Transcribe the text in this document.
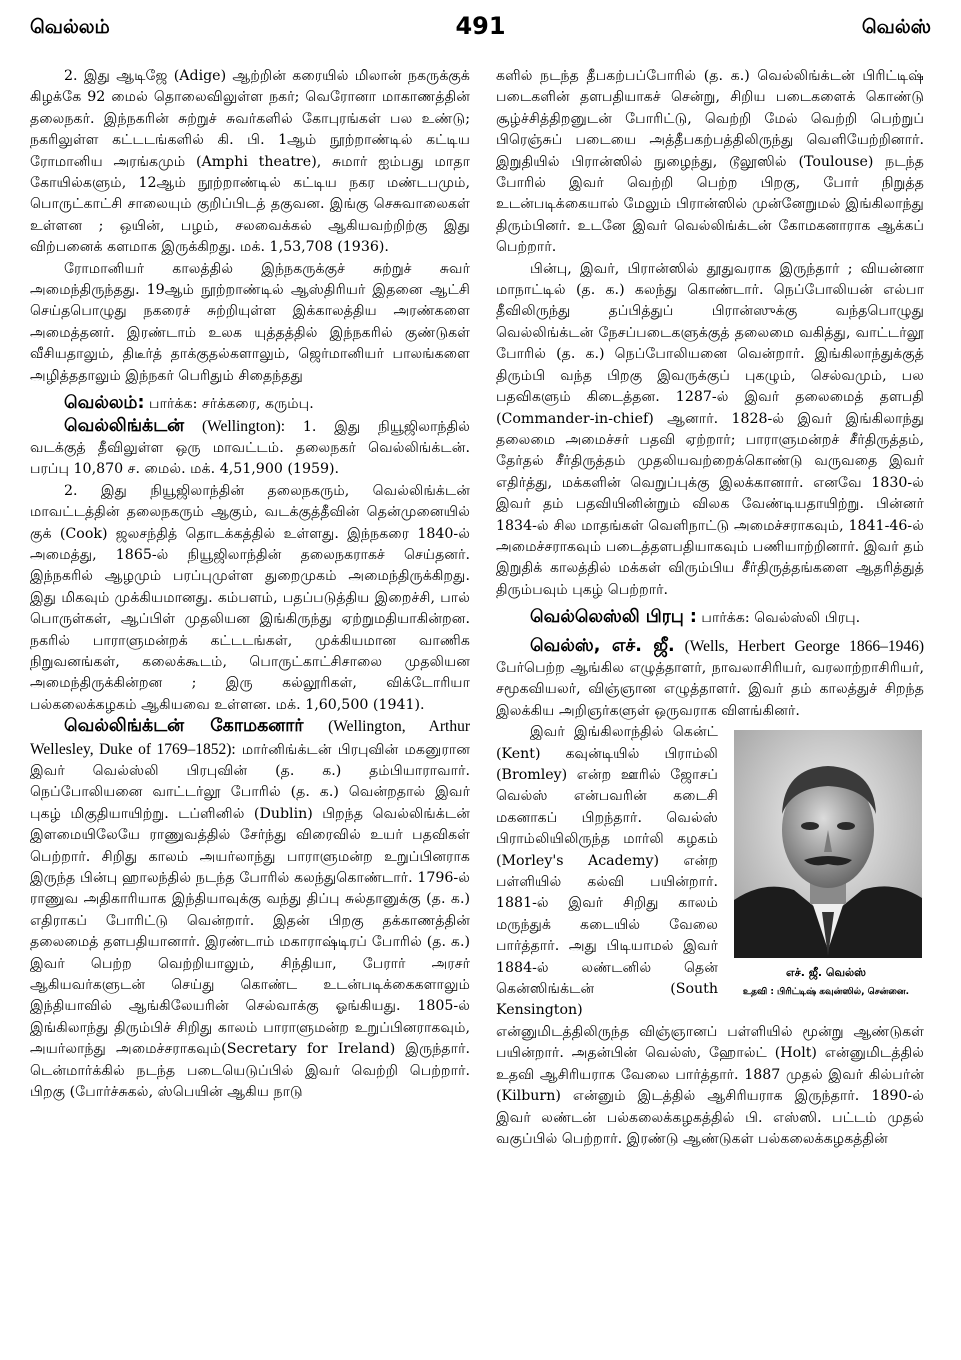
வெல்லம்	491	வெல்ஸ்

2. இது ஆடிஜே (Adige) ஆற்றின் கரையில் மிலான் நகருக்குக் கிழக்கே 92 மைல் தொலைவிலுள்ள நகர்; வெரோனா மாகாணத்தின் தலைநகர். இந்நகரின் சுற்றுச் சுவர்களில் கோபுரங்கள் பல உண்டு; நகரிலுள்ள கட்டடங்களில் கி. பி. 1ஆம் நூற்றாண்டில் கட்டிய ரோமானிய அரங்கமும் (Amphi theatre), சுமார் ஐம்பது மாதா கோயில்களும், 12ஆம் நூற்றாண்டில் கட்டிய நகர மண்டபமும், பொருட்காட்சி சாலையும் குறிப்பிடத் தகுவன. இங்கு செசுவாலைகள் உள்ளன ; ஒயின், பழம், சலவைக்கல் ஆகியவற்றிற்கு இது விற்பனைக் களமாக இருக்கிறது. மக். 1,53,708 (1936).

ரோமானியர் காலத்தில் இந்நகருக்குச் சுற்றுச் சுவர் அமைந்திருந்தது. 19ஆம் நூற்றாண்டில் ஆஸ்திரியர் இதனை ஆட்சி செய்தபொழுது நகரைச் சுற்றியுள்ள இக்காலத்திய அரண்களை அமைத்தனர். இரண்டாம் உலக யுத்தத்தில் இந்நகரில் குண்டுகள் வீசியதாலும், திடீர்த் தாக்குதல்களாலும், ஜெர்மானியர் பாலங்களை அழித்ததாலும் இந்நகர் பெரிதும் சிதைந்தது

வெல்லம்: பார்க்க: சர்க்கரை, கரும்பு.

வெல்லிங்க்டன் (Wellington): 1. இது நியூஜிலாந்தில் வடக்குத் தீவிலுள்ள ஒரு மாவட்டம். தலைநகர் வெல்லிங்க்டன். பரப்பு 10,870 ச. மைல். மக். 4,51,900 (1959).

2. இது நியூஜிலாந்தின் தலைநகரும், வெல்லிங்க்டன் மாவட்டத்தின் தலைநகரும் ஆகும், வடக்குத்தீவின் தென்முனையில் குக் (Cook) ஜலசந்தித் தொடக்கத்தில் உள்ளது. இந்நகரை 1840-ல் அமைத்து, 1865-ல் நியூஜிலாந்தின் தலைநகராகச் செய்தனர். இந்நகரில் ஆழமும் பரப்புமுள்ள துறைமுகம் அமைந்திருக்கிறது. இது மிகவும் முக்கியமானது. கம்பளம், பதப்படுத்திய இறைச்சி, பால் பொருள்கள், ஆப்பிள் முதலியன இங்கிருந்து ஏற்றுமதியாகின்றன. நகரில் பாராளுமன்றக் கட்டடங்கள், முக்கியமான வாணிக நிறுவனங்கள், கலைக்கூடம், பொருட்காட்சிசாலை முதலியன அமைந்திருக்கின்றன ; இரு கல்லூரிகள், விக்டோரியா பல்கலைக்கழகம் ஆகியவை உள்ளன. மக். 1,60,500 (1941).

வெல்லிங்க்டன் கோமகனார் (Wellington, Arthur Wellesley, Duke of 1769–1852): மார்னிங்க்டன் பிரபுவின் மகனுரான இவர் வெல்ஸ்லி பிரபுவின் (த. க.) தம்பியாராவார். நெப்போலியனை வாட்டர்லூ போரில் (த. க.) வென்றதால் இவர் புகழ் மிகுதியாயிற்று. டப்ளினில் (Dublin) பிறந்த வெல்லிங்க்டன் இளமையிலேயே ராணுவத்தில் சேர்ந்து விரைவில் உயர் பதவிகள் பெற்றார். சிறிது காலம் அயர்லாந்து பாராளுமன்ற உறுப்பினராக இருந்த பின்பு ஹாலந்தில் நடந்த போரில் கலந்துகொண்டார். 1796-ல் ராணுவ அதிகாரியாக இந்தியாவுக்கு வந்து திப்பு சுல்தானுக்கு (த. க.) எதிராகப் போரிட்டு வென்றார். இதன் பிறகு தக்காணத்தின் தலைமைத் தளபதியானார். இரண்டாம் மகாராஷ்டிரப் போரில் (த. க.) இவர் பெற்ற வெற்றியாலும், சிந்தியா, பேரார் அரசர் ஆகியவர்களுடன் செய்து கொண்ட உடன்படிக்கைகளாலும் இந்தியாவில் ஆங்கிலேயரின் செல்வாக்கு ஓங்கியது. 1805-ல் இங்கிலாந்து திரும்பிச் சிறிது காலம் பாராளுமன்ற உறுப்பினராகவும், அயர்லாந்து அமைச்சராகவும்(Secretary for Ireland) இருந்தார். டென்மார்க்கில் நடந்த படையெடுப்பில் இவர் வெற்றி பெற்றார். பிறகு (போர்ச்சுகல், ஸ்பெயின் ஆகிய நாடு

களில் நடந்த தீபகற்பப்போரில் (த. க.) வெல்லிங்க்டன் பிரிட்டிஷ் படைகளின் தளபதியாகச் சென்று, சிறிய படைகளைக் கொண்டு சூழ்ச்சித்திறனுடன் போரிட்டு, வெற்றி மேல் வெற்றி பெற்றுப் பிரெஞ்சுப் படையை அத்தீபகற்பத்திலிருந்து வெளியேற்றினார். இறுதியில் பிரான்ஸில் நுழைந்து, டூலூஸில் (Toulouse) நடந்த போரில் இவர் வெற்றி பெற்ற பிறகு, போர் நிறுத்த உடன்படிக்கையால் மேலும் பிரான்ஸில் முன்னேறுமல் இங்கிலாந்து திரும்பினர். உடனே இவர் வெல்லிங்க்டன் கோமகனாராக ஆக்கப் பெற்றார்.

பின்பு, இவர், பிரான்ஸில் தூதுவராக இருந்தார் ; வியன்னா மாநாட்டில் (த. க.) கலந்து கொண்டார். நெப்போலியன் எல்பா தீவிலிருந்து தப்பித்துப் பிரான்ஸுக்கு வந்தபொழுது வெல்லிங்க்டன் நேசப்படைகளுக்குத் தலைமை வகித்து, வாட்டர்லூ போரில் (த. க.) நெப்போலியனை வென்றார். இங்கிலாந்துக்குத் திரும்பி வந்த பிறகு இவருக்குப் புகழும், செல்வமும், பல பதவிகளும் கிடைத்தன. 1287-ல் இவர் தலைமைத் தளபதி (Commander-in-chief) ஆனார். 1828-ல் இவர் இங்கிலாந்து தலைமை அமைச்சர் பதவி ஏற்றார்; பாராளுமன்றச் சீர்திருத்தம், தேர்தல் சீர்திருத்தம் முதலியவற்றைக்கொண்டு வருவதை இவர் எதிர்த்து, மக்களின் வெறுப்புக்கு இலக்கானார். எனவே 1830-ல் இவர் தம் பதவியினின்றும் விலக வேண்டியதாயிற்று. பின்னர் 1834-ல் சில மாதங்கள் வெளிநாட்டு அமைச்சராகவும், 1841-46-ல் அமைச்சராகவும் படைத்தளபதியாகவும் பணியாற்றினார். இவர் தம் இறுதிக் காலத்தில் மக்கள் விரும்பிய சீர்திருத்தங்களை ஆதரித்துத் திரும்பவும் புகழ் பெற்றார்.

வெல்லெஸ்லி பிரபு : பார்க்க: வெல்ஸ்லி பிரபு.

வெல்ஸ், எச். ஜீ. (Wells, Herbert George 1866–1946) பேர்பெற்ற ஆங்கில எழுத்தாளர், நாவலாசிரியர், வரலாற்றாசிரியர், சமூகவியலர், விஞ்ஞான எழுத்தாளர். இவர் தம் காலத்துச் சிறந்த இலக்கிய அறிஞர்களுள் ஒருவராக விளங்கினர்.

எச். ஜீ. வெல்ஸ்
உதவி : பிரிட்டிஷ் கவுன்ஸில், சென்னை.

இவர் இங்கிலாந்தில் கென்ட் (Kent) கவுன்டியில் பிராம்லி (Bromley) என்ற ஊரில் ஜோசப் வெல்ஸ் என்பவரின் கடைசி மகனாகப் பிறந்தார். வெல்ஸ் பிராம்லியிலிருந்த மார்லி கழகம் (Morley's Academy) என்ற பள்ளியில் கல்வி பயின்றார். 1881-ல் இவர் சிறிது காலம் மருந்துக் கடையில் வேலை பார்த்தார். அது பிடியாமல் இவர் 1884-ல் லண்டனில் தென் கென்ஸிங்க்டன் (South Kensington) என்னுமிடத்திலிருந்த விஞ்ஞானப் பள்ளியில் மூன்று ஆண்டுகள் பயின்றார். அதன்பின் வெல்ஸ், ஹோல்ட் (Holt) என்னுமிடத்தில் உதவி ஆசிரியராக வேலை பார்த்தார். 1887 முதல் இவர் கில்பர்ன் (Kilburn) என்னும் இடத்தில் ஆசிரியராக இருந்தார். 1890-ல் இவர் லண்டன் பல்கலைக்கழகத்தில் பி. எஸ்ஸி. பட்டம் முதல் வகுப்பில் பெற்றார். இரண்டு ஆண்டுகள் பல்கலைக்கழகத்தின்
